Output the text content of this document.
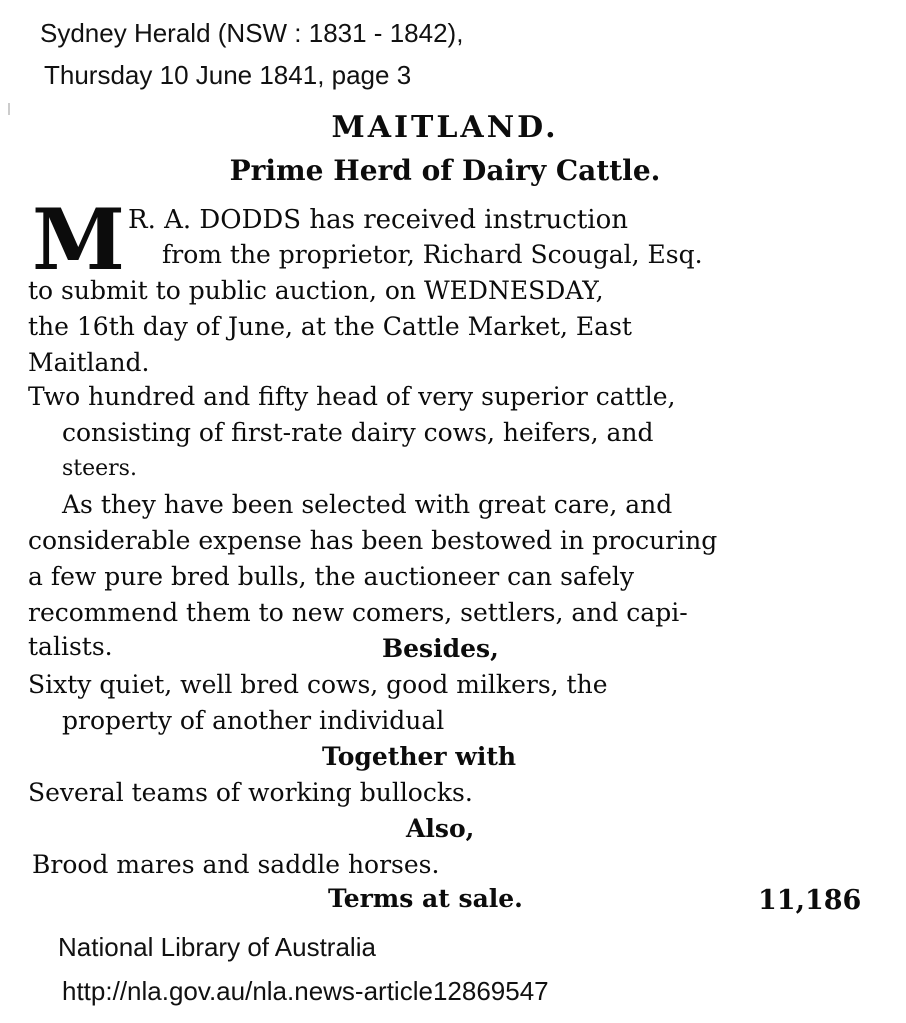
Sydney Herald (NSW : 1831 - 1842),
Thursday 10 June 1841, page 3
MAITLAND.
Prime Herd of Dairy Cattle.
M R. A. DODDS has received instruction
from the proprietor, Richard Scougal, Esq.
to submit to public auction, on WEDNESDAY,
the 16th day of June, at the Cattle Market, East
Maitland.
Two hundred and fifty head of very superior cattle,
consisting of first-rate dairy cows, heifers, and
steers.
As they have been selected with great care, and
considerable expense has been bestowed in procuring
a few pure bred bulls, the auctioneer can safely
recommend them to new comers, settlers, and capi-
talists.	Besides,
Sixty quiet, well bred cows, good milkers, the
property of another individual
Together with
Several teams of working bullocks.
Also,
Brood mares and saddle horses.
Terms at sale.	11,186
National Library of Australia
http://nla.gov.au/nla.news-article12869547
